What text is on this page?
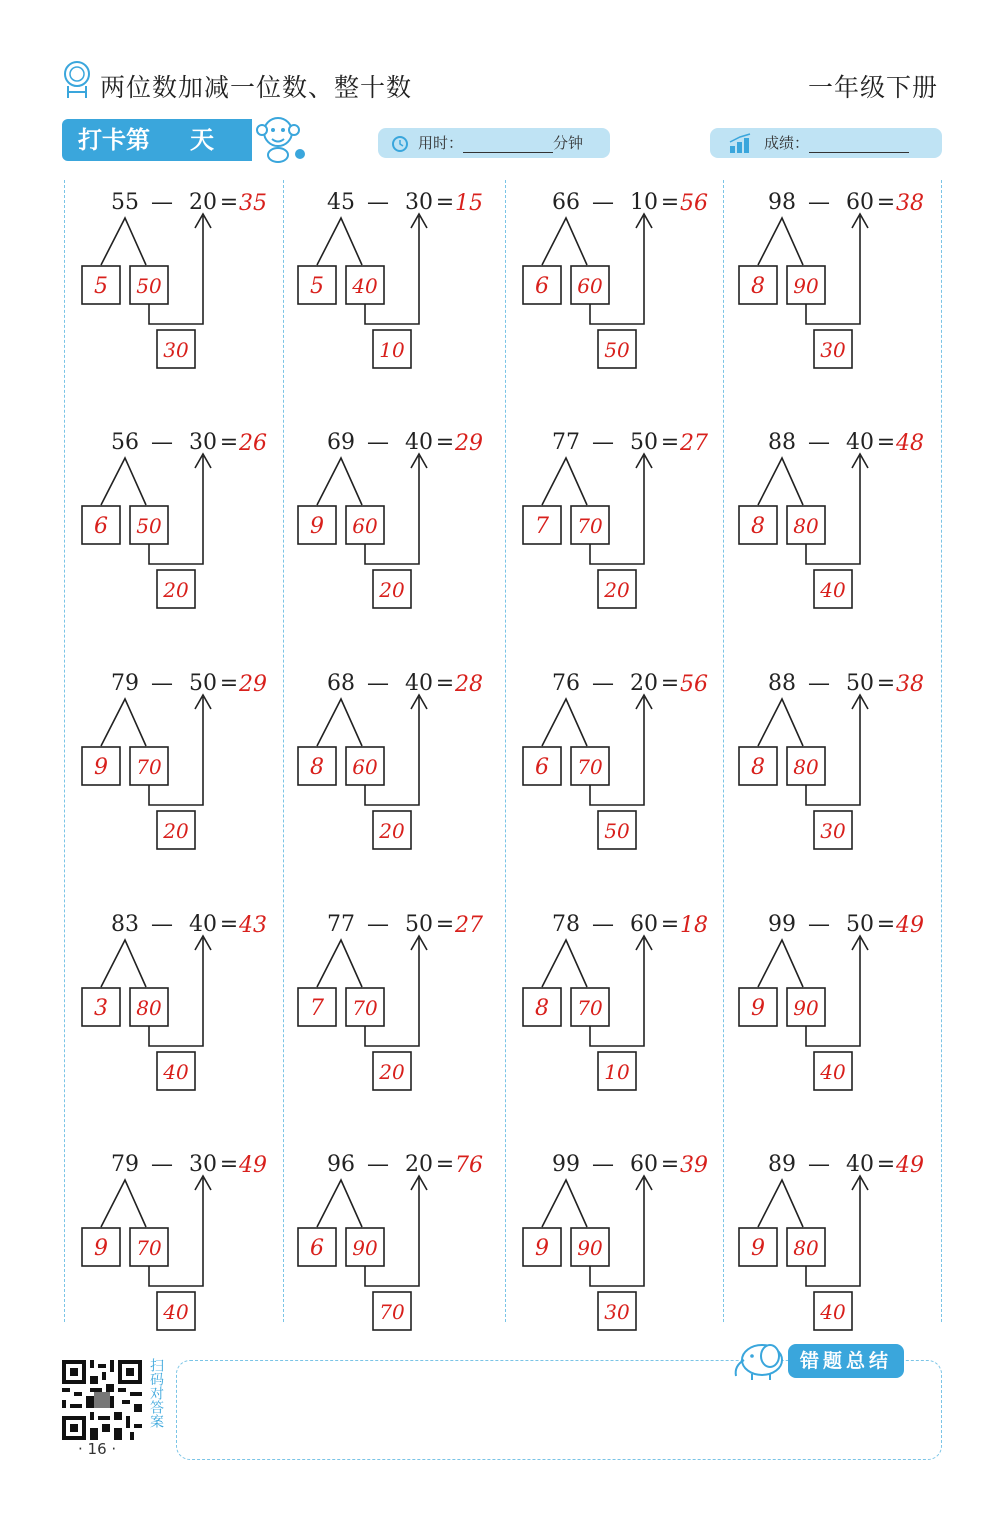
两位数加减一位数、整十数	一年级下册
打卡第 天	用时：	分钟	成绩：
55 — 20 = 35
5 50
30
45 — 30 = 15
5 40
10
66 — 10 = 56
6 60
50
98 — 60 = 38
8 90
30
56 — 30 = 26
6 50
20
69 — 40 = 29
9 60
20
77 — 50 = 27
7 70
20
88 — 40 = 48
8 80
40
79 — 50 = 29
9 70
20
68 — 40 = 28
8 60
20
76 — 20 = 56
6 70
50
88 — 50 = 38
8 80
30
83 — 40 = 43
3 80
40
77 — 50 = 27
7 70
20
78 — 60 = 18
8 70
10
99 — 50 = 49
9 90
40
79 — 30 = 49
9 70
40
96 — 20 = 76
6 90
70
99 — 60 = 39
9 90
30
89 — 40 = 49
9 80
40
扫码对答案
· 16 ·
错题总结
